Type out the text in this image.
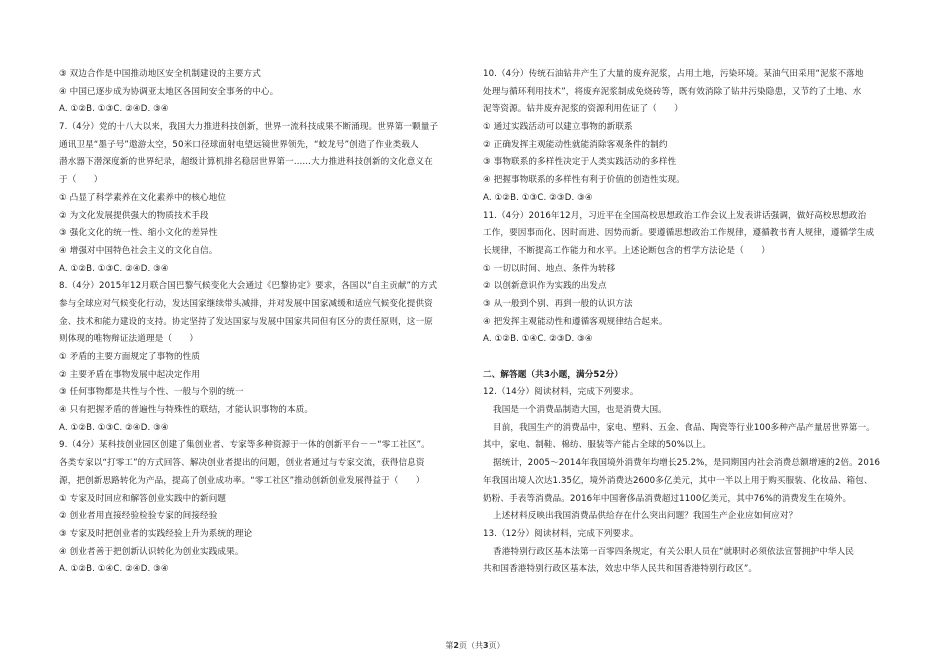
③ 双边合作是中国推动地区安全机制建设的主要方式
④ 中国已逐步成为协调亚太地区各国间安全事务的中心。
A. ①②B. ①③C. ②④D. ③④
7.（4分）党的十八大以来，我国大力推进科技创新，世界一流科技成果不断涌现。世界第一颗量子
通讯卫星“墨子号”遨游太空，50米口径球面射电望远镜世界领先，“蛟龙号”创造了作业类载人
潜水器下潜深度新的世界纪录，超级计算机排名稳居世界第一……大力推进科技创新的文化意义在
于（　　）
① 凸显了科学素养在文化素养中的核心地位
② 为文化发展提供强大的物质技术手段
③ 强化文化的统一性、缩小文化的差异性
④ 增强对中国特色社会主义的文化自信。
A. ①②B. ①③C. ②④D. ③④
8.（4分）2015年12月联合国巴黎气候变化大会通过《巴黎协定》要求，各国以“自主贡献”的方式
参与全球应对气候变化行动，发达国家继续带头减排，并对发展中国家减缓和适应气候变化提供资
金、技术和能力建设的支持。协定坚持了发达国家与发展中国家共同但有区分的责任原则，这一原
则体现的唯物辩证法道理是（　　）
① 矛盾的主要方面规定了事物的性质
② 主要矛盾在事物发展中起决定作用
③ 任何事物都是共性与个性、一般与个别的统一
④ 只有把握矛盾的普遍性与特殊性的联结，才能认识事物的本质。
A. ①②B. ①③C. ②④D. ③④
9.（4分）某科技创业园区创建了集创业者、专家等多种资源于一体的创新平台－－“零工社区”。
各类专家以“打零工”的方式回答、解决创业者提出的问题，创业者通过与专家交流，获得信息资
源，把创新思路转化为产品，提高了创业成功率。“零工社区”推动创新创业发展得益于（　　）
① 专家及时回应和解答创业实践中的新问题
② 创业者用直接经验检验专家的间接经验
③ 专家及时把创业者的实践经验上升为系统的理论
④ 创业者善于把创新认识转化为创业实践成果。
A. ①②B. ①④C. ②④D. ③④
10.（4分）传统石油钻井产生了大量的废弃泥浆，占用土地，污染环境。某油气田采用“泥浆不落地
处理与循环利用技术”，将废弃泥浆制成免烧砖等，既有效消除了钻井污染隐患，又节约了土地、水
泥等资源。钻井废弃泥浆的资源利用佐证了（　　）
① 通过实践活动可以建立事物的新联系
② 正确发挥主观能动性就能消除客观条件的制约
③ 事物联系的多样性决定于人类实践活动的多样性
④ 把握事物联系的多样性有利于价值的创造性实现。
A. ①②B. ①③C. ②③D. ③④
11.（4分）2016年12月，习近平在全国高校思想政治工作会议上发表讲话强调，做好高校思想政治
工作，要因事而化、因时而进、因势而新。要遵循思想政治工作规律，遵循教书育人规律，遵循学生成
长规律，不断提高工作能力和水平。上述论断包含的哲学方法论是（　　）
① 一切以时间、地点、条件为转移
② 以创新意识作为实践的出发点
③ 从一般到个别、再到一般的认识方法
④ 把发挥主观能动性和遵循客观规律结合起来。
A. ①②B. ①④C. ②③D. ③④
二、解答题（共3小题，满分52分）
12.（14分）阅读材料，完成下列要求。
我国是一个消费品制造大国，也是消费大国。
目前，我国生产的消费品中，家电、塑料、五金、食品、陶瓷等行业100多种产品产量居世界第一。
其中，家电、制鞋、棉纺、服装等产能占全球的50%以上。
据统计，2005～2014年我国境外消费年均增长25.2%，是同期国内社会消费总额增速的2倍。2016
年我国出境人次达1.35亿，境外消费达2600多亿美元，其中一半以上用于购买服装、化妆品、箱包、
奶粉、手表等消费品。2016年中国奢侈品消费超过1100亿美元，其中76%的消费发生在境外。
上述材料反映出我国消费品供给存在什么突出问题？我国生产企业应如何应对？
13.（12分）阅读材料，完成下列要求。
香港特别行政区基本法第一百零四条规定，有关公职人员在“就职时必须依法宣誓拥护中华人民
共和国香港特别行政区基本法，效忠中华人民共和国香港特别行政区”。
第2页（共3页）
